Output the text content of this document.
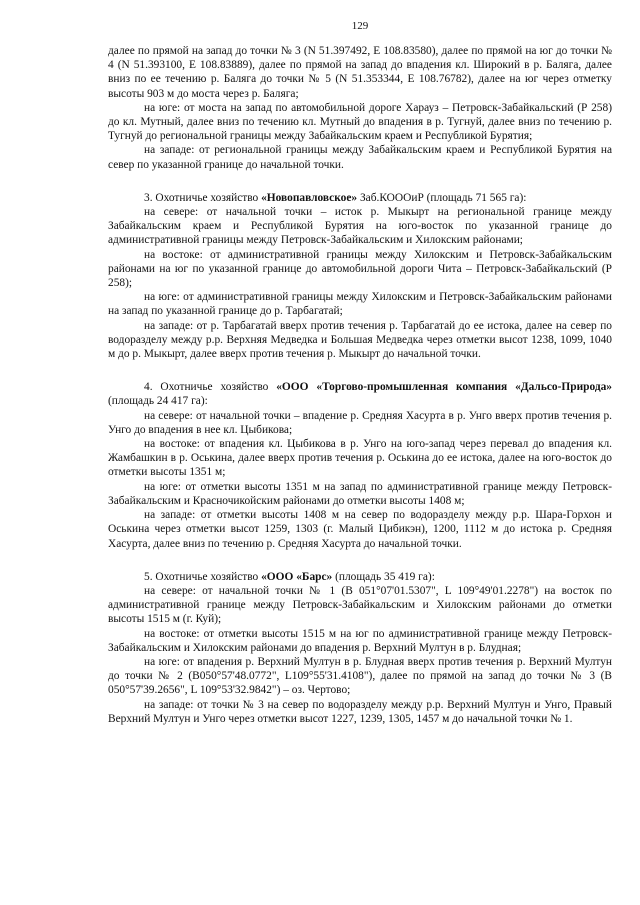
129

далее по прямой на запад до точки № 3 (N 51.397492, E 108.83580), далее по прямой на юг до точки № 4 (N 51.393100, E 108.83889), далее по прямой на запад до впадения кл. Широкий в р. Баляга, далее вниз по ее течению р. Баляга до точки № 5 (N 51.353344, E 108.76782), далее на юг через отметку высоты 903 м до моста через р. Баляга;

на юге: от моста на запад по автомобильной дороге Харауз – Петровск-Забайкальский (Р 258) до кл. Мутный, далее вниз по течению кл. Мутный до впадения в р. Тугнуй, далее вниз по течению р. Тугнуй до региональной границы между Забайкальским краем и Республикой Бурятия;

на западе: от региональной границы между Забайкальским краем и Республикой Бурятия на север по указанной границе до начальной точки.

3. Охотничье хозяйство «Новопавловское» Заб.КОООиР (площадь 71 565 га):

на севере: от начальной точки – исток р. Мыкырт на региональной границе между Забайкальским краем и Республикой Бурятия на юго-восток по указанной границе до административной границы между Петровск-Забайкальским и Хилокским районами;

на востоке: от административной границы между Хилокским и Петровск-Забайкальским районами на юг по указанной границе до автомобильной дороги Чита – Петровск-Забайкальский (Р 258);

на юге: от административной границы между Хилокским и Петровск-Забайкальским районами на запад по указанной границе до р. Тарбагатай;

на западе: от р. Тарбагатай вверх против течения р. Тарбагатай до ее истока, далее на север по водоразделу между р.р. Верхняя Медведка и Большая Медведка через отметки высот 1238, 1099, 1040 м до р. Мыкырт, далее вверх против течения р. Мыкырт до начальной точки.

4. Охотничье хозяйство «ООО «Торгово-промышленная компания «Дальсо-Природа» (площадь 24 417 га):

на севере: от начальной точки – впадение р. Средняя Хасурта в р. Унго вверх против течения р. Унго до впадения в нее кл. Цыбикова;

на востоке: от впадения кл. Цыбикова в р. Унго на юго-запад через перевал до впадения кл. Жамбашкин в р. Оськина, далее вверх против течения р. Оськина до ее истока, далее на юго-восток до отметки высоты 1351 м;

на юге: от отметки высоты 1351 м на запад по административной границе между Петровск-Забайкальским и Красночикойским районами до отметки высоты 1408 м;

на западе: от отметки высоты 1408 м на север по водоразделу между р.р. Шара-Горхон и Оськина через отметки высот 1259, 1303 (г. Малый Цибикэн), 1200, 1112 м до истока р. Средняя Хасурта, далее вниз по течению р. Средняя Хасурта до начальной точки.

5. Охотничье хозяйство «ООО «Барс» (площадь 35 419 га):

на севере: от начальной точки № 1 (B 051°07'01.5307", L 109°49'01.2278") на восток по административной границе между Петровск-Забайкальским и Хилокским районами до отметки высоты 1515 м (г. Куй);

на востоке: от отметки высоты 1515 м на юг по административной границе между Петровск-Забайкальским и Хилокским районами до впадения р. Верхний Мултун в р. Блудная;

на юге: от впадения р. Верхний Мултун в р. Блудная вверх против течения р. Верхний Мултун до точки № 2 (B050°57'48.0772", L109°55'31.4108"), далее по прямой на запад до точки № 3 (B 050°57'39.2656", L 109°53'32.9842") – оз. Чертово;

на западе: от точки № 3 на север по водоразделу между р.р. Верхний Мултун и Унго, Правый Верхний Мултун и Унго через отметки высот 1227, 1239, 1305, 1457 м до начальной точки № 1.
